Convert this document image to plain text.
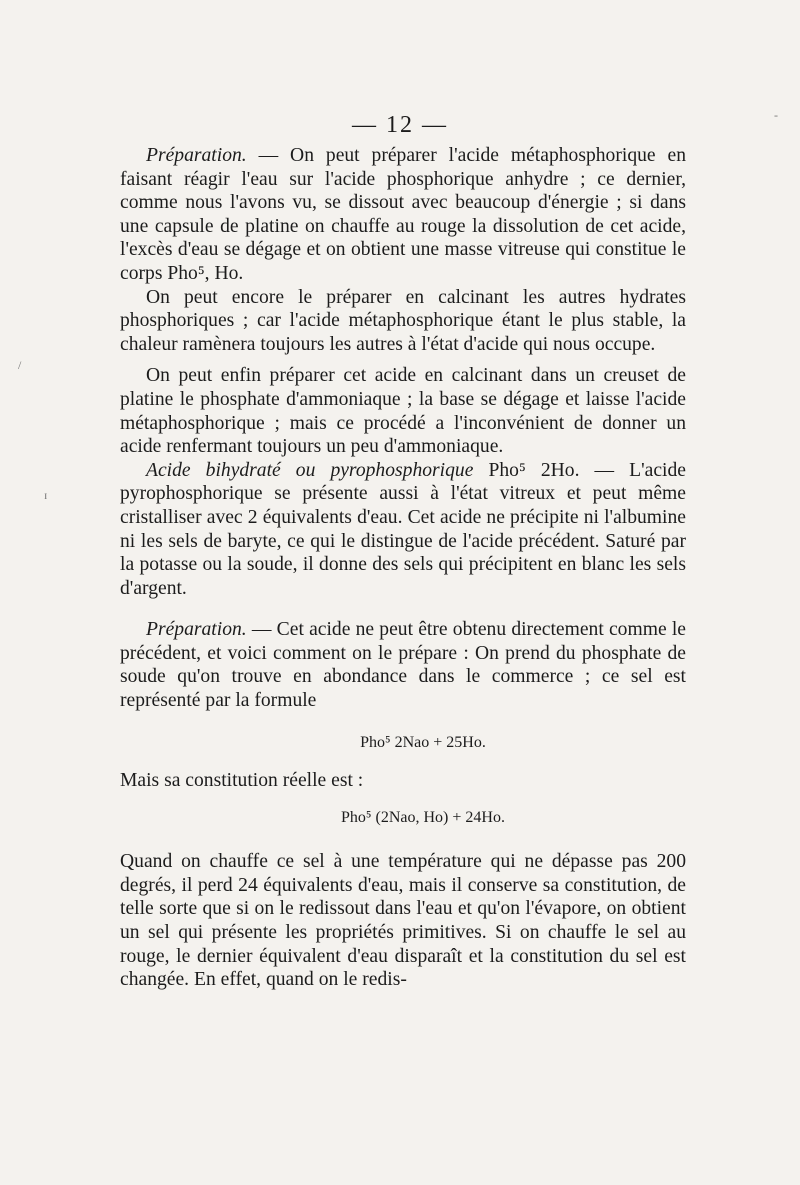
-
/
ɪ
— 12 —

Préparation. — On peut préparer l'acide métaphosphorique en faisant réagir l'eau sur l'acide phosphorique anhydre ; ce dernier, comme nous l'avons vu, se dissout avec beaucoup d'énergie ; si dans une capsule de platine on chauffe au rouge la dissolution de cet acide, l'excès d'eau se dégage et on obtient une masse vitreuse qui constitue le corps Pho⁵, Ho.

On peut encore le préparer en calcinant les autres hydrates phosphoriques ; car l'acide métaphosphorique étant le plus stable, la chaleur ramènera toujours les autres à l'état d'acide qui nous occupe.

On peut enfin préparer cet acide en calcinant dans un creuset de platine le phosphate d'ammoniaque ; la base se dégage et laisse l'acide métaphosphorique ; mais ce procédé a l'inconvénient de donner un acide renfermant toujours un peu d'ammoniaque.

Acide bihydraté ou pyrophosphorique Pho⁵ 2Ho. — L'acide pyrophosphorique se présente aussi à l'état vitreux et peut même cristalliser avec 2 équivalents d'eau. Cet acide ne précipite ni l'albumine ni les sels de baryte, ce qui le distingue de l'acide précédent. Saturé par la potasse ou la soude, il donne des sels qui précipitent en blanc les sels d'argent.

Préparation. — Cet acide ne peut être obtenu directement comme le précédent, et voici comment on le prépare : On prend du phosphate de soude qu'on trouve en abondance dans le commerce ; ce sel est représenté par la formule

Pho⁵ 2Nao + 25Ho.

Mais sa constitution réelle est :

Pho⁵ (2Nao, Ho) + 24Ho.

Quand on chauffe ce sel à une température qui ne dépasse pas 200 degrés, il perd 24 équivalents d'eau, mais il conserve sa constitution, de telle sorte que si on le redissout dans l'eau et qu'on l'évapore, on obtient un sel qui présente les propriétés primitives. Si on chauffe le sel au rouge, le dernier équivalent d'eau disparaît et la constitution du sel est changée. En effet, quand on le redis-
